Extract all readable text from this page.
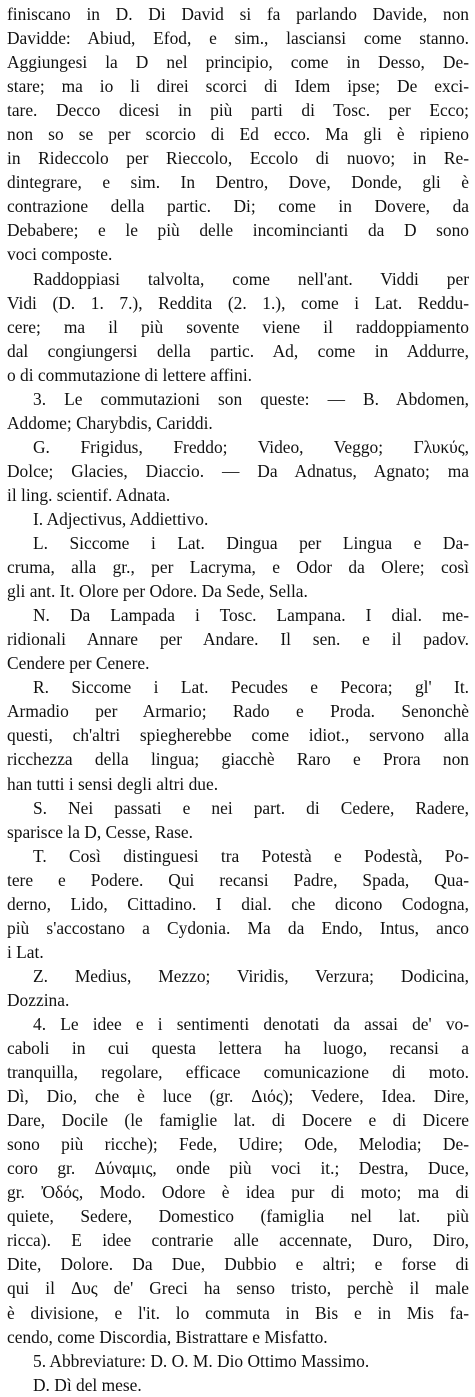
finiscano in D. Di David si fa parlando Davide, non
Davidde: Abiud, Efod, e sim., lasciansi come stanno.
Aggiungesi la D nel principio, come in Desso, De-
stare; ma io li direi scorci di Idem ipse; De exci-
tare. Decco dicesi in più parti di Tosc. per Ecco;
non so se per scorcio di Ed ecco. Ma gli è ripieno
in Rideccolo per Rieccolo, Eccolo di nuovo; in Re-
dintegrare, e sim. In Dentro, Dove, Donde, gli è
contrazione della partic. Di; come in Dovere, da
Debabere; e le più delle incomincianti da D sono
voci composte.
Raddoppiasi talvolta, come nell'ant. Viddi per
Vidi (D. 1. 7.), Reddita (2. 1.), come i Lat. Reddu-
cere; ma il più sovente viene il raddoppiamento
dal congiungersi della partic. Ad, come in Addurre,
o di commutazione di lettere affini.
3. Le commutazioni son queste: — B. Abdomen,
Addome; Charybdis, Cariddi.
G. Frigidus, Freddo; Video, Veggo; Γλυκύς,
Dolce; Glacies, Diaccio. — Da Adnatus, Agnato; ma
il ling. scientif. Adnata.
I. Adjectivus, Addiettivo.
L. Siccome i Lat. Dingua per Lingua e Da-
cruma, alla gr., per Lacryma, e Odor da Olere; così
gli ant. It. Olore per Odore. Da Sede, Sella.
N. Da Lampada i Tosc. Lampana. I dial. me-
ridionali Annare per Andare. Il sen. e il padov.
Cendere per Cenere.
R. Siccome i Lat. Pecudes e Pecora; gl' It.
Armadio per Armario; Rado e Proda. Senonchè
questi, ch'altri spiegherebbe come idiot., servono alla
ricchezza della lingua; giacchè Raro e Prora non
han tutti i sensi degli altri due.
S. Nei passati e nei part. di Cedere, Radere,
sparisce la D, Cesse, Rase.
T. Così distinguesi tra Potestà e Podestà, Po-
tere e Podere. Qui recansi Padre, Spada, Qua-
derno, Lido, Cittadino. I dial. che dicono Codogna,
più s'accostano a Cydonia. Ma da Endo, Intus, anco
i Lat.
Z. Medius, Mezzo; Viridis, Verzura; Dodicina,
Dozzina.
4. Le idee e i sentimenti denotati da assai de' vo-
caboli in cui questa lettera ha luogo, recansi a
tranquilla, regolare, efficace comunicazione di moto.
Dì, Dio, che è luce (gr. Διός); Vedere, Idea. Dire,
Dare, Docile (le famiglie lat. di Docere e di Dicere
sono più ricche); Fede, Udire; Ode, Melodia; De-
coro gr. Δύναμις, onde più voci it.; Destra, Duce,
gr. Ὀδός, Modo. Odore è idea pur di moto; ma di
quiete, Sedere, Domestico (famiglia nel lat. più
ricca). E idee contrarie alle accennate, Duro, Diro,
Dite, Dolore. Da Due, Dubbio e altri; e forse di
qui il Δυς de' Greci ha senso tristo, perchè il male
è divisione, e l'it. lo commuta in Bis e in Mis fa-
cendo, come Discordia, Bistrattare e Misfatto.
5. Abbreviature: D. O. M. Dio Ottimo Massimo.
D. Dì del mese.
